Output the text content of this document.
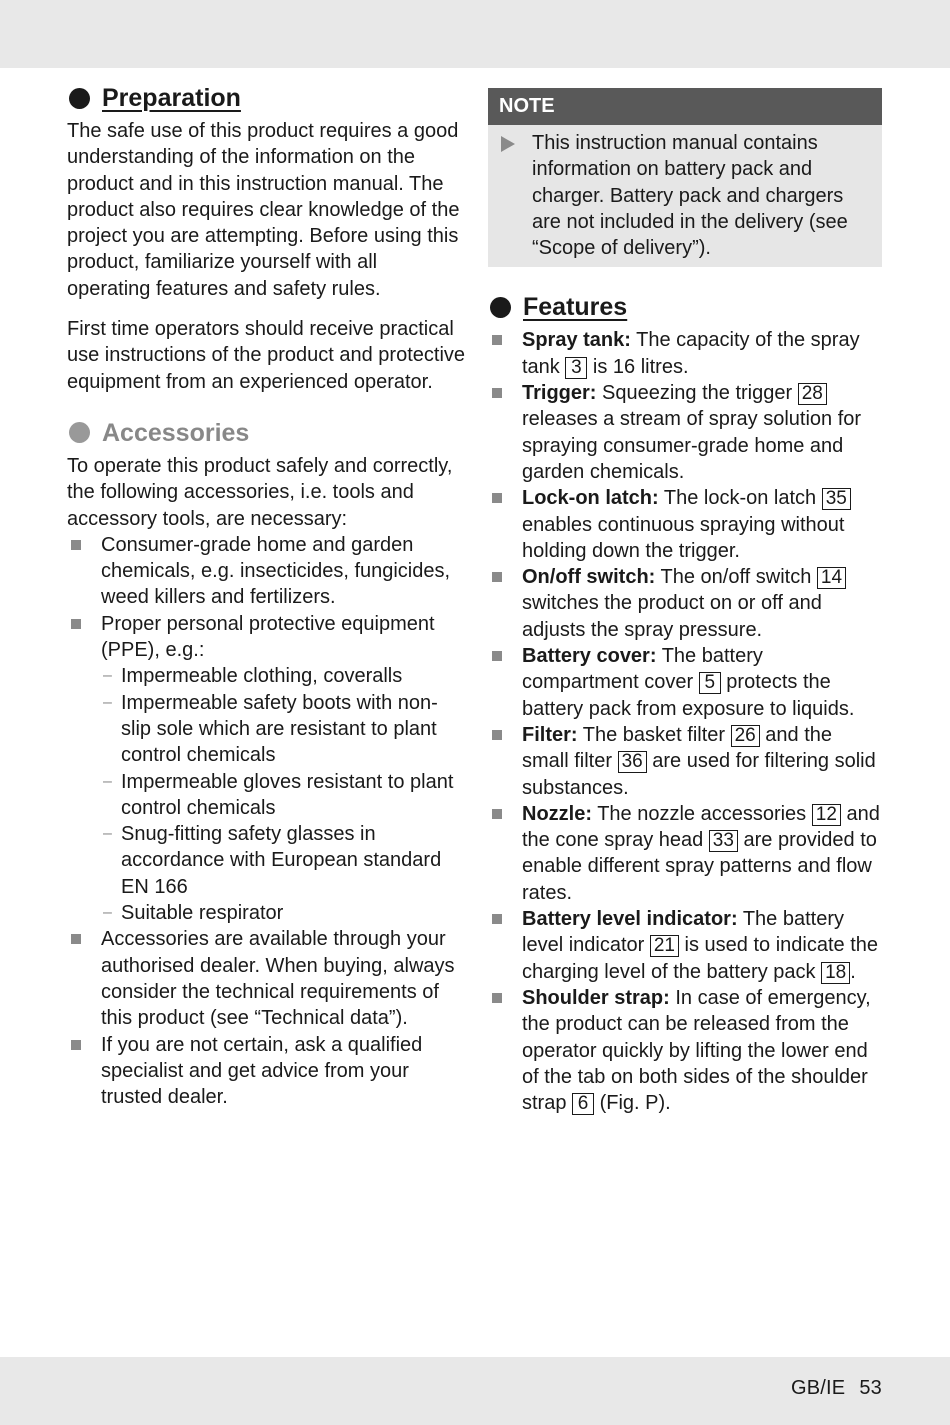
Preparation

The safe use of this product requires a good understanding of the information on the product and in this instruction manual. The product also requires clear knowledge of the project you are attempting. Before using this product, familiarize yourself with all operating features and safety rules.

First time operators should receive practical use instructions of the product and protective equipment from an experienced operator.

Accessories

To operate this product safely and correctly, the following accessories, i.e. tools and accessory tools, are necessary:

Consumer-grade home and garden chemicals, e.g. insecticides, fungicides, weed killers and fertilizers.
Proper personal protective equipment (PPE), e.g.:
– Impermeable clothing, coveralls
– Impermeable safety boots with non-slip sole which are resistant to plant control chemicals
– Impermeable gloves resistant to plant control chemicals
– Snug-fitting safety glasses in accordance with European standard EN 166
– Suitable respirator
Accessories are available through your authorised dealer. When buying, always consider the technical requirements of this product (see “Technical data”).
If you are not certain, ask a qualified specialist and get advice from your trusted dealer.
NOTE
This instruction manual contains information on battery pack and charger. Battery pack and chargers are not included in the delivery (see “Scope of delivery”).
Features
Spray tank: The capacity of the spray tank 3 is 16 litres.
Trigger: Squeezing the trigger 28 releases a stream of spray solution for spraying consumer-grade home and garden chemicals.
Lock-on latch: The lock-on latch 35 enables continuous spraying without holding down the trigger.
On/off switch: The on/off switch 14 switches the product on or off and adjusts the spray pressure.
Battery cover: The battery compartment cover 5 protects the battery pack from exposure to liquids.
Filter: The basket filter 26 and the small filter 36 are used for filtering solid substances.
Nozzle: The nozzle accessories 12 and the cone spray head 33 are provided to enable different spray patterns and flow rates.
Battery level indicator: The battery level indicator 21 is used to indicate the charging level of the battery pack 18 .
Shoulder strap: In case of emergency, the product can be released from the operator quickly by lifting the lower end of the tab on both sides of the shoulder strap 6 (Fig. P).
GB/IE 53
